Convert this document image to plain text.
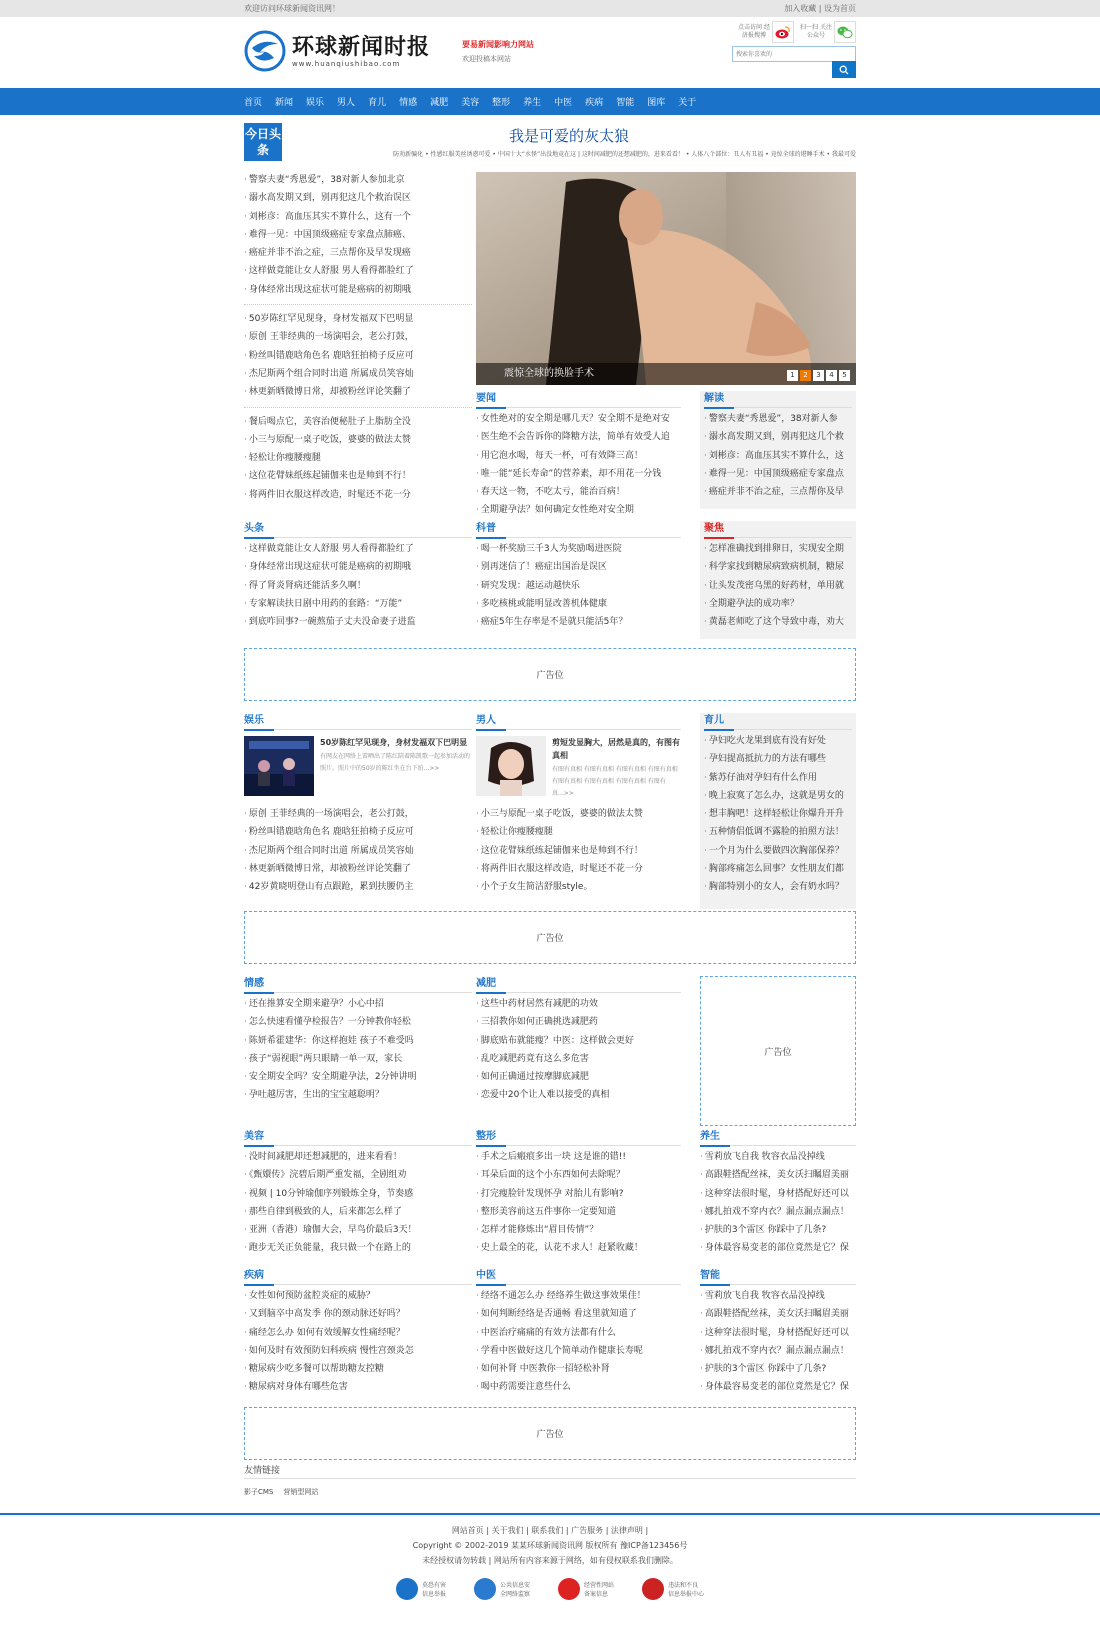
欢迎访问环球新闻资讯网！	加入收藏 | 设为首页
环球新闻时报
www.huanqiushibao.com
要易新闻影响力网站
欢迎投稿本网站
点击访问 经济报搜博
扫一扫 关注公众号
搜索你喜欢的
首页 新闻 娱乐 男人 育儿 情感 减肥 美容 整形 养生 中医 疾病 智能 图库 关于
今日头条
我是可爱的灰太狼
防劝新骗化 • 性感红服美丝诱惑可爱 • 中国十大“水怪”出没地竟在这 | 这时间减肥的还想减肥的，进来看看！ • 人体八个部位：丑人有丑福 • 竟惊全球的堪睡手术 • 我最可爱
· 警察夫妻“秀恩爱”，38对新人参加北京
· 溺水高发期又到，别再犯这几个救治误区
· 刘彬彦：高血压其实不算什么，这有一个
· 难得一见：中国顶级癌症专家盘点肺癌、
· 癌症并非不治之症，三点帮你及早发现癌
· 这样做竟能让女人舒服 男人看得都脸红了
· 身体经常出现这症状可能是癌病的初期哦
· 50岁陈红罕见现身，身材发福双下巴明显
· 原创 王菲经典的一场演唱会，老公打鼓，
· 粉丝叫错鹿晗角色名 鹿晗狂拍椅子反应可
· 杰尼斯两个组合同时出道 所属成员笑容灿
· 林更新晒微博日常，却被粉丝评论笑翻了
· 餐后喝点它，美容治便秘肚子上脂肪全没
· 小三与原配一桌子吃饭，婆婆的做法太赞
· 轻松让你瘦腰瘦腿
· 这位花臂妹纸练起铺伽来也是帅到不行！
· 将两件旧衣服这样改造，时髦还不花一分
震惊全球的换脸手术	1	2	3	4	5
要闻
· 女性绝对的安全期是哪几天？安全期不是绝对安
· 医生绝不会告诉你的降糖方法，简单有效受人追
· 用它泡水喝，每天一杯，可有效降三高！
· 唯一能“延长寿命”的营养素，却不用花一分钱
· 春天这一物，不吃太亏，能治百病！
· 全期避孕法？如何确定女性绝对安全期
解读
· 警察夫妻“秀恩爱”，38对新人参
· 溺水高发期又到，别再犯这几个救
· 刘彬彦：高血压其实不算什么，这
· 难得一见：中国顶级癌症专家盘点
· 癌症并非不治之症，三点帮你及早
头条
· 这样做竟能让女人舒服 男人看得都脸红了
· 身体经常出现这症状可能是癌病的初期哦
· 得了肾炎肾病还能活多久啊！
· 专家解读扶日剧中用药的套路：“万能”
· 到底咋回事?一碗熬茄子丈夫没命妻子进监
科普
· 喝一杯奖励三千3人为奖励喝进医院
· 别再迷信了！癌症出国治是误区
· 研究发现：越运动越快乐
· 多吃核桃或能明显改善机体健康
· 癌症5年生存率是不是就只能活5年？
聚焦
· 怎样准确找到排卵日，实现安全期
· 科学家找到糖尿病致病机制，糖尿
· 让头发茂密乌黑的好药材，单用就
· 全期避孕法的成功率？
· 黄磊老师吃了这个导致中毒，劝大
广告位
娱乐
50岁陈红罕见现身，身材发福双下巴明显
有网友在网络上雷晒出了陈红陪着陈凯歌一起参加活动的照片。照片中的50岁的陈红坐在台下拍...>>
· 原创 王菲经典的一场演唱会，老公打鼓，
· 粉丝叫错鹿晗角色名 鹿晗狂拍椅子反应可
· 杰尼斯两个组合同时出道 所属成员笑容灿
· 林更新晒微博日常，却被粉丝评论笑翻了
· 42岁黄晓明登山有点跟跄，累到扶腰仍主
男人
剪短发显胸大，居然是真的，有图有真相
有图有真相 有图有真相 有图有真相 有图有真相 有图有真相 有图有真相 有图有真相 有图有真...>>
· 小三与原配一桌子吃饭，婆婆的做法太赞
· 轻松让你瘦腰瘦腿
· 这位花臂妹纸练起铺伽来也是帅到不行！
· 将两件旧衣服这样改造，时髦还不花一分
· 小个子女生简洁舒服style。
育儿
· 孕妇吃火龙果到底有没有好处
· 孕妇提高抵抗力的方法有哪些
· 紫苏仔油对孕妇有什么作用
· 晚上寂寞了怎么办，这就是男女的
· 想丰胸吧！这样轻松让你爆升开升
· 五种情侣低调不露脸的拍照方法！
· 一个月为什么要做四次胸部保养？
· 胸部疼痛怎么回事？女性朋友们都
· 胸部特别小的女人，会有奶水吗？
广告位
情感
· 还在推算安全期来避孕？小心中招
· 怎么快速看懂孕检报告？一分钟教你轻松
· 陈妍希霍建华：你这样抱娃 孩子不难受吗
· 孩子“弱视眼”两只眼睛一单一双，家长
· 安全期安全吗？安全期避孕法，2分钟讲明
· 孕吐越厉害，生出的宝宝越聪明？
减肥
· 这些中药材居然有减肥的功效
· 三招教你如何正确挑选减肥药
· 脚底贴布就能瘦？中医：这样做会更好
· 乱吃减肥药竟有这么多危害
· 如何正确通过按摩脚底减肥
· 恋爱中20个让人难以接受的真相
广告位
美容
· 没时间减肥却还想减肥的，进来看看！
· 《甄嬛传》浣碧后期严重发福，全剧组劝
· 视频 | 10分钟瑜伽序列锻炼全身，节奏感
· 那些自律到极致的人，后来都怎么样了
· 亚洲（香港）瑜伽大会，早鸟价最后3天！
· 跑步无关正负能量，我只做一个在路上的
整形
· 手术之后瘢痕多出一块 这是谁的错!!
· 耳朵后面的这个小东西如何去除呢？
· 打完瘦脸针发现怀孕 对胎儿有影响?
· 整形美容前这五件事你一定要知道
· 怎样才能修炼出“眉目传情”？
· 史上最全的花，认花不求人！赶紧收藏！
养生
· 雪莉放飞自我 牧容衣品没掉线
· 高跟鞋搭配丝袜，美女沃扫瞩眉美丽
· 这种穿法很时髦，身材搭配好还可以
· 娜扎拍戏不穿内衣？漏点漏点漏点！
· 护肤的3个雷区 你踩中了几条?
· 身体最容易变老的部位竟然是它？保
疾病
· 女性如何预防盆腔炎症的威胁？
· 又到脑卒中高发季 你的颈动脉还好吗？
· 痛经怎么办 如何有效缓解女性痛经呢？
· 如何及时有效预防妇科疾病 慢性宫颈炎怎
· 糖尿病少吃多餐可以帮助糖友控糖
· 糖尿病对身体有哪些危害
中医
· 经络不通怎么办 经络养生做这事效果佳！
· 如何判断经络是否通畅 看这里就知道了
· 中医治疗痛痛的有效方法都有什么
· 学看中医做好这几个简单动作健康长寿呢
· 如何补肾 中医教你一招轻松补肾
· 喝中药需要注意些什么
智能
· 雪莉放飞自我 牧容衣品没掉线
· 高跟鞋搭配丝袜，美女沃扫瞩眉美丽
· 这种穿法很时髦，身材搭配好还可以
· 娜扎拍戏不穿内衣？漏点漏点漏点！
· 护肤的3个雷区 你踩中了几条?
· 身体最容易变老的部位竟然是它？保
广告位
友情链接
影子CMS 营销型网站

网站首页 | 关于我们 | 联系我们 | 广告服务 | 法律声明 |

Copyright © 2002-2019 某某环球新闻资讯网 版权所有 豫ICP备123456号

未经授权请勿转载 | 网站所有内容来源于网络，如有侵权联系我们删除。

莫恐有害
信息举报
公共信息安
全网络监察
经营性网站
备案信息
违法和不良
信息举报中心
